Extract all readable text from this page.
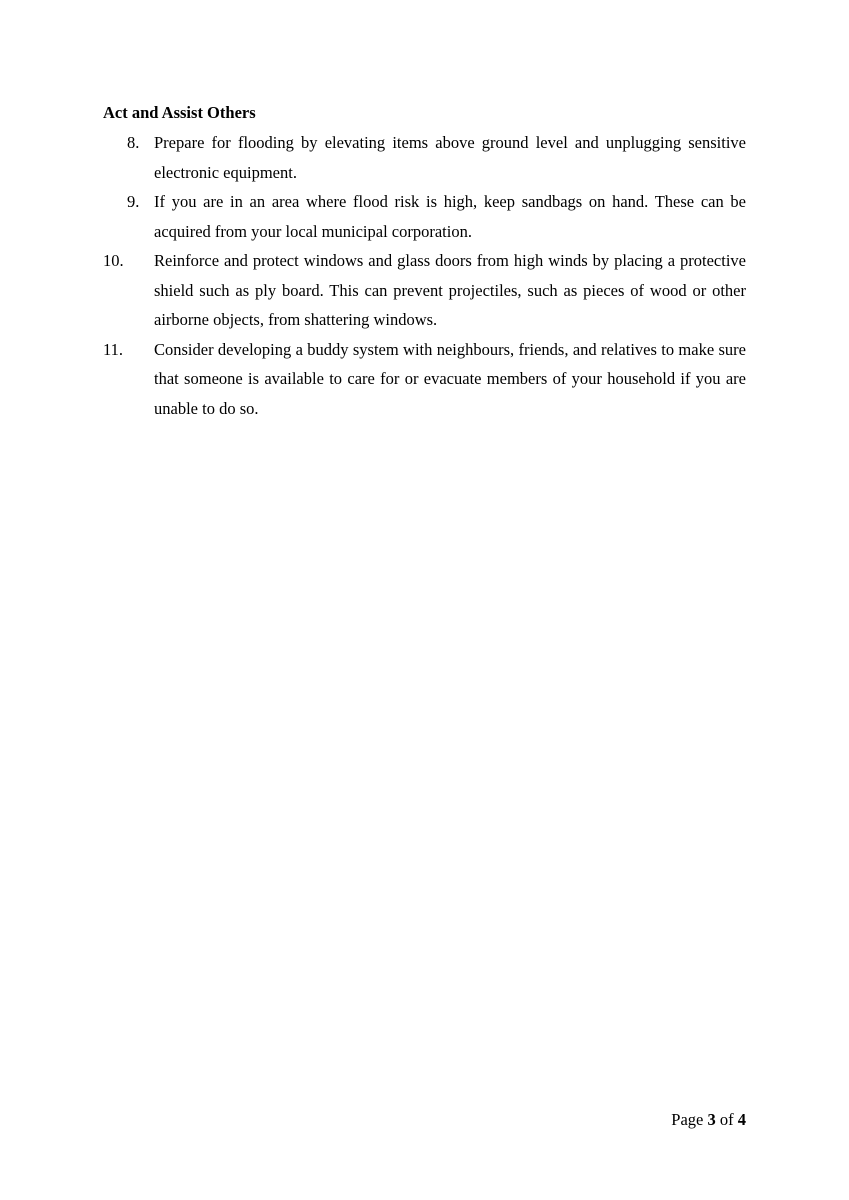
Act and Assist Others
8. Prepare for flooding by elevating items above ground level and unplugging sensitive electronic equipment.
9. If you are in an area where flood risk is high, keep sandbags on hand. These can be acquired from your local municipal corporation.
10. Reinforce and protect windows and glass doors from high winds by placing a protective shield such as ply board. This can prevent projectiles, such as pieces of wood or other airborne objects, from shattering windows.
11. Consider developing a buddy system with neighbours, friends, and relatives to make sure that someone is available to care for or evacuate members of your household if you are unable to do so.
Page 3 of 4
